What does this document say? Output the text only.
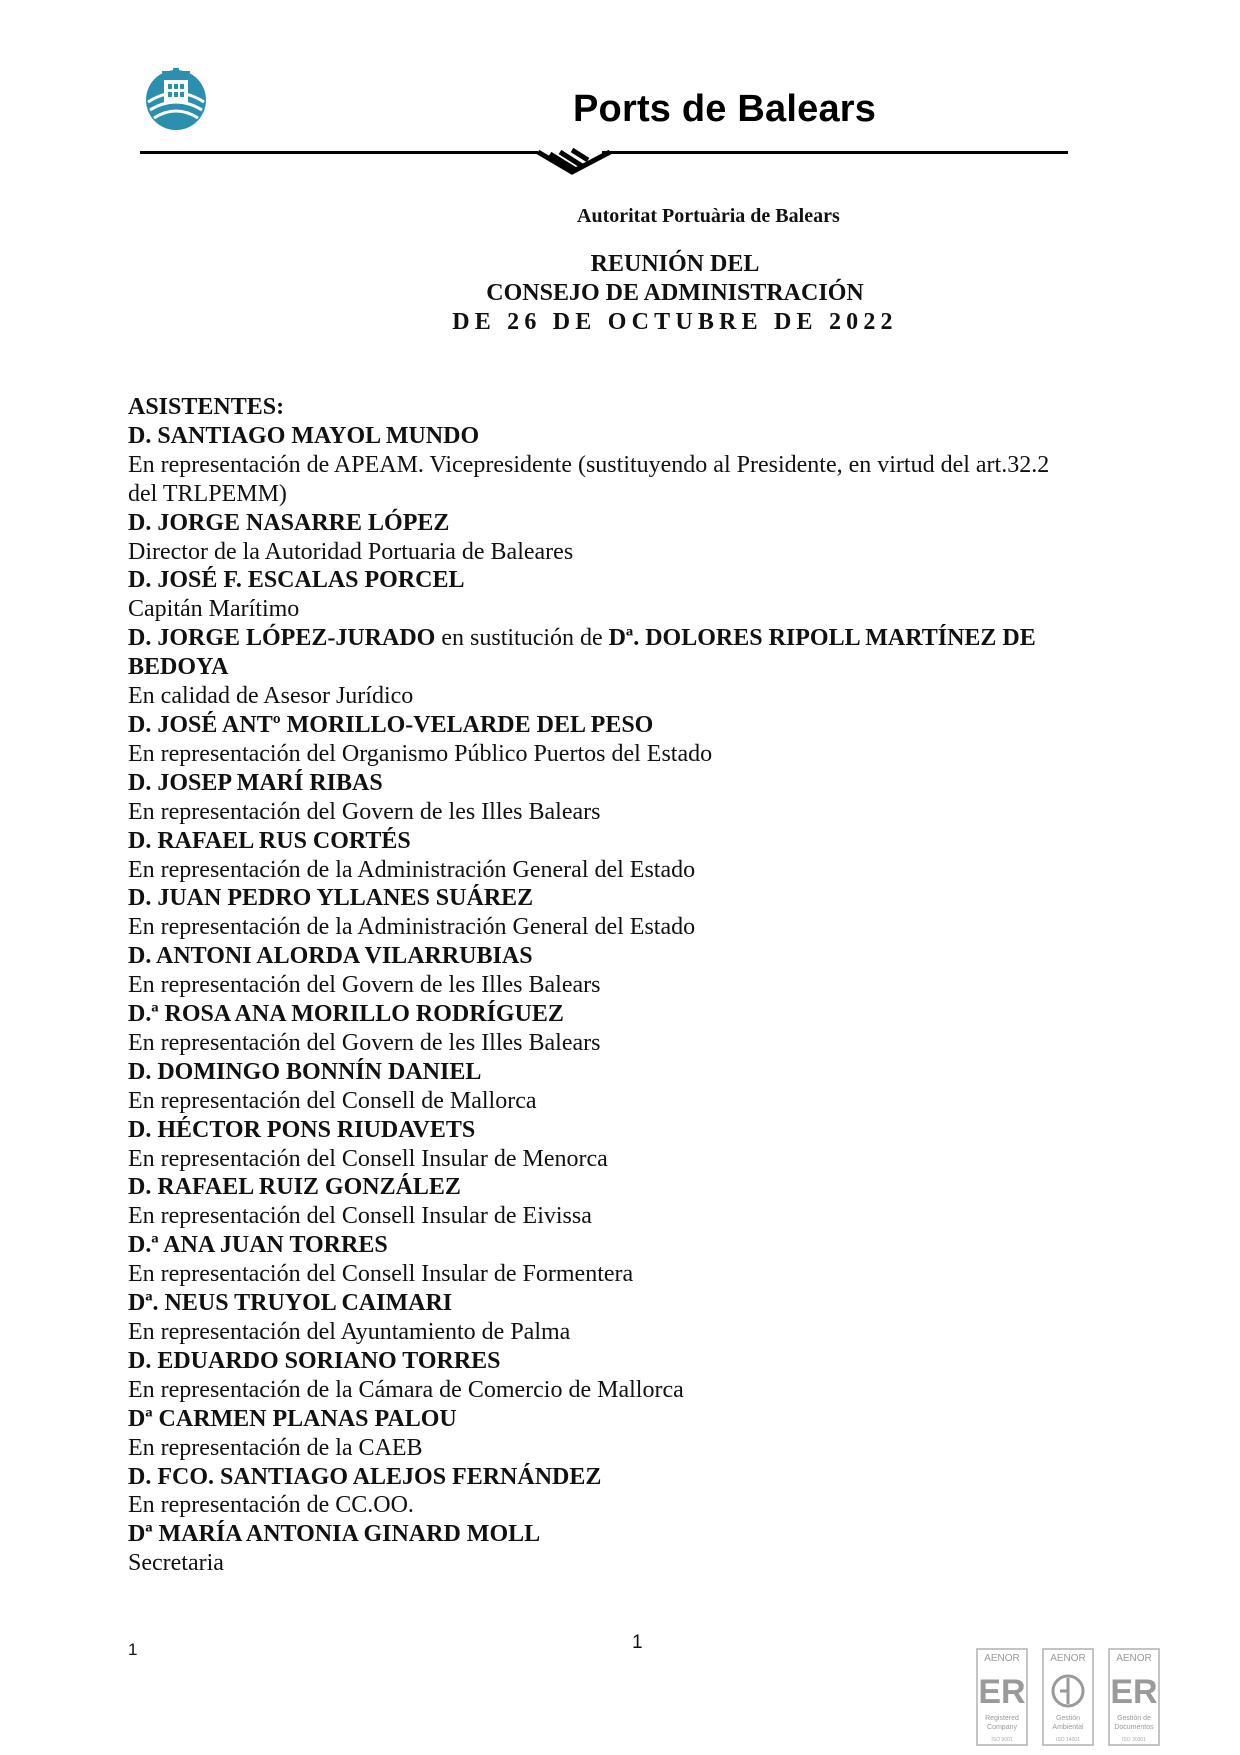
Ports de Balears
Autoritat Portuària de Balears
REUNIÓN DEL
CONSEJO DE ADMINISTRACIÓN
DE 26 DE OCTUBRE DE 2022

ASISTENTES:

D. SANTIAGO MAYOL MUNDO

En representación de APEAM. Vicepresidente (sustituyendo al Presidente, en virtud del art.32.2

del TRLPEMM)

D. JORGE NASARRE LÓPEZ

Director de la Autoridad Portuaria de Baleares

D. JOSÉ F. ESCALAS PORCEL

Capitán Marítimo

D. JORGE LÓPEZ-JURADO en sustitución de Dª. DOLORES RIPOLL MARTÍNEZ DE

BEDOYA

En calidad de Asesor Jurídico

D. JOSÉ ANTº MORILLO-VELARDE DEL PESO

En representación del Organismo Público Puertos del Estado

D. JOSEP MARÍ RIBAS

En representación del Govern de les Illes Balears

D. RAFAEL RUS CORTÉS

En representación de la Administración General del Estado

D. JUAN PEDRO YLLANES SUÁREZ

En representación de la Administración General del Estado

D. ANTONI ALORDA VILARRUBIAS

En representación del Govern de les Illes Balears

D.ª ROSA ANA MORILLO RODRÍGUEZ

En representación del Govern de les Illes Balears

D. DOMINGO BONNÍN DANIEL

En representación del Consell de Mallorca

D. HÉCTOR PONS RIUDAVETS

En representación del Consell Insular de Menorca

D. RAFAEL RUIZ GONZÁLEZ

En representación del Consell Insular de Eivissa

D.ª ANA JUAN TORRES

En representación del Consell Insular de Formentera

Dª. NEUS TRUYOL CAIMARI

En representación del Ayuntamiento de Palma

D. EDUARDO SORIANO TORRES

En representación de la Cámara de Comercio de Mallorca

Dª CARMEN PLANAS PALOU

En representación de la CAEB

D. FCO. SANTIAGO ALEJOS FERNÁNDEZ

En representación de CC.OO.

Dª MARÍA ANTONIA GINARD MOLL

Secretaria

1	1
AENOR
ER
Registered
Company
ISO 9001
AENOR
Gestión
Ambiental
ISO 14001
AENOR
ER
Gestión de
Documentos
ISO 30301
